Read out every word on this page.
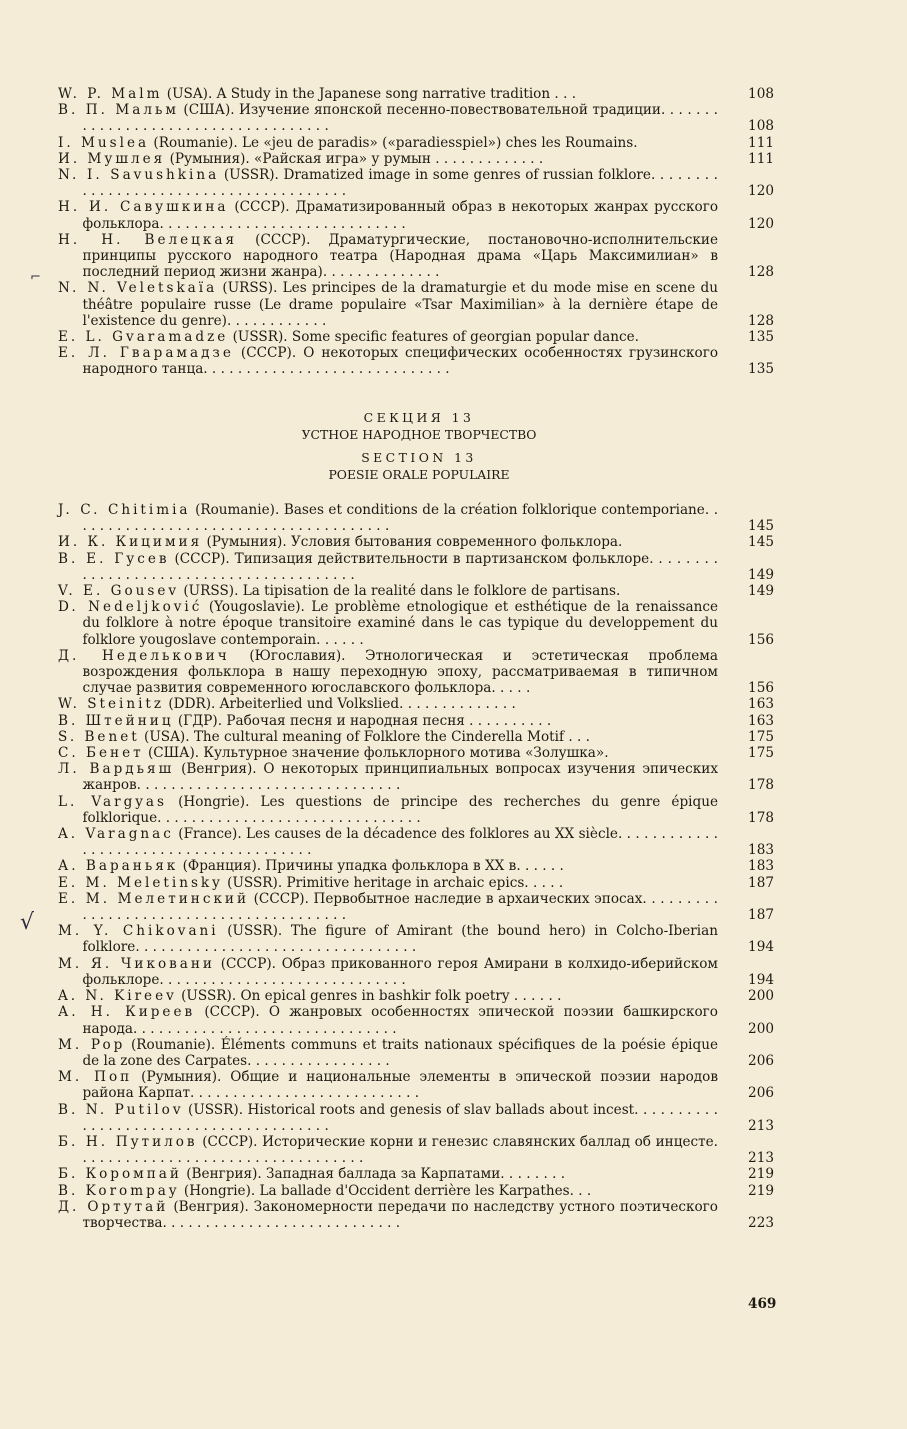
⌐
W. P. Malm (USA). A Study in the Japanese song narrative tradition . . .	108
В. П. Мальм (США). Изучение японской песенно-повествовательной традиции. . . . . . . . . . . . . . . . . . . . . . . . . . . . . . . . . . . .	108
I. Muslea (Roumanie). Le «jeu de paradis» («paradiesspiel») ches les Roumains.	111
И. Мушлея (Румыния). «Райская игра» у румын . . . . . . . . . . . . .	111
N. I. Savushkina (USSR). Dramatized image in some genres of russian folklore. . . . . . . . . . . . . . . . . . . . . . . . . . . . . . . . . . . . . . .	120
Н. И. Савушкина (СССР). Драматизированный образ в некоторых жанрах русского фольклора. . . . . . . . . . . . . . . . . . . . . . . . . . . . .	120
Н. Н. Велецкая (СССР). Драматургические, постановочно-исполнительские принципы русского народного театра (Народная драма «Царь Максимилиан» в последний период жизни жанра). . . . . . . . . . . . . .	128
N. N. Veletskaïa (URSS). Les principes de la dramaturgie et du mode mise en scene du théâtre populaire russe (Le drame populaire «Tsar Maximilian» à la dernière étape de l'existence du genre). . . . . . . . . . . .	128
E. L. Gvaramadze (USSR). Some specific features of georgian popular dance.	135
Е. Л. Гварамадзе (СССР). О некоторых специфических особенностях грузинского народного танца. . . . . . . . . . . . . . . . . . . . . . . . . . . . .	135
СЕКЦИЯ 13
УСТНОЕ НАРОДНОЕ ТВОРЧЕСТВО
SECTION 13
POESIE ORALE POPULAIRE
√
J. C. Chitimia (Roumanie). Bases et conditions de la création folklorique contemporiane. . . . . . . . . . . . . . . . . . . . . . . . . . . . . . . . . . . . . .	145
И. К. Кицимия (Румыния). Условия бытования современного фольклора.	145
В. Е. Гусев (СССР). Типизация действительности в партизанском фольклоре. . . . . . . . . . . . . . . . . . . . . . . . . . . . . . . . . . . . . . . .	149
V. E. Gousev (URSS). La tipisation de la realité dans le folklore de partisans.	149
D. Nedeljković (Yougoslavie). Le problème etnologique et esthétique de la renaissance du folklore à notre époque transitoire examiné dans le cas typique du developpement du folklore yougoslave contemporain. . . . . .	156
Д. Неделькович (Югославия). Этнологическая и эстетическая проблема возрождения фольклора в нашу переходную эпоху, рассматриваемая в типичном случае развития современного югославского фольклора. . . . .	156
W. Steinitz (DDR). Arbeiterlied und Volkslied. . . . . . . . . . . . . .	163
В. Штейниц (ГДР). Рабочая песня и народная песня . . . . . . . . . .	163
S. Benet (USA). The cultural meaning of Folklore the Cinderella Motif . . .	175
С. Бенет (США). Культурное значение фольклорного мотива «Золушка».	175
Л. Вардьяш (Венгрия). О некоторых принципиальных вопросах изучения эпических жанров. . . . . . . . . . . . . . . . . . . . . . . . . . . . . . .	178
L. Vargyas (Hongrie). Les questions de principe des recherches du genre épique folklorique. . . . . . . . . . . . . . . . . . . . . . . . . . . . . . .	178
A. Varagnac (France). Les causes de la décadence des folklores au XX siècle. . . . . . . . . . . . . . . . . . . . . . . . . . . . . . . . . . . . . . .	183
А. Вараньяк (Франция). Причины упадка фольклора в XX в. . . . . .	183
E. M. Meletinsky (USSR). Primitive heritage in archaic epics. . . . .	187
Е. М. Мелетинский (СССР). Первобытное наследие в архаических эпосах. . . . . . . . . . . . . . . . . . . . . . . . . . . . . . . . . . . . . . . .	187
M. Y. Chikovani (USSR). The figure of Amirant (the bound hero) in Colcho-Iberian folklore. . . . . . . . . . . . . . . . . . . . . . . . . . . . . . . . .	194
М. Я. Чиковани (СССР). Образ прикованного героя Амирани в колхидо-иберийском фольклоре. . . . . . . . . . . . . . . . . . . . . . . . . . . . .	194
A. N. Kireev (USSR). On epical genres in bashkir folk poetry . . . . . .	200
А. Н. Киреев (СССР). О жанровых особенностях эпической поэзии башкирского народа. . . . . . . . . . . . . . . . . . . . . . . . . . . . . . .	200
M. Pop (Roumanie). Éléments communs et traits nationaux spécifiques de la poésie épique de la zone des Carpates. . . . . . . . . . . . . . . . .	206
М. Поп (Румыния). Общие и национальные элементы в эпической поэзии народов района Карпат. . . . . . . . . . . . . . . . . . . . . . . . . . .	206
B. N. Putilov (USSR). Historical roots and genesis of slav ballads about incest. . . . . . . . . . . . . . . . . . . . . . . . . . . . . . . . . . . . . . .	213
Б. Н. Путилов (СССР). Исторические корни и генезис славянских баллад об инцесте. . . . . . . . . . . . . . . . . . . . . . . . . . . . . . . . . .	213
Б. Коромпай (Венгрия). Западная баллада за Карпатами. . . . . . . .	219
B. Korompay (Hongrie). La ballade d'Occident derrière les Karpathes. . .	219
Д. Ортутай (Венгрия). Закономерности передачи по наследству устного поэтического творчества. . . . . . . . . . . . . . . . . . . . . . . . . . . .	223
469
